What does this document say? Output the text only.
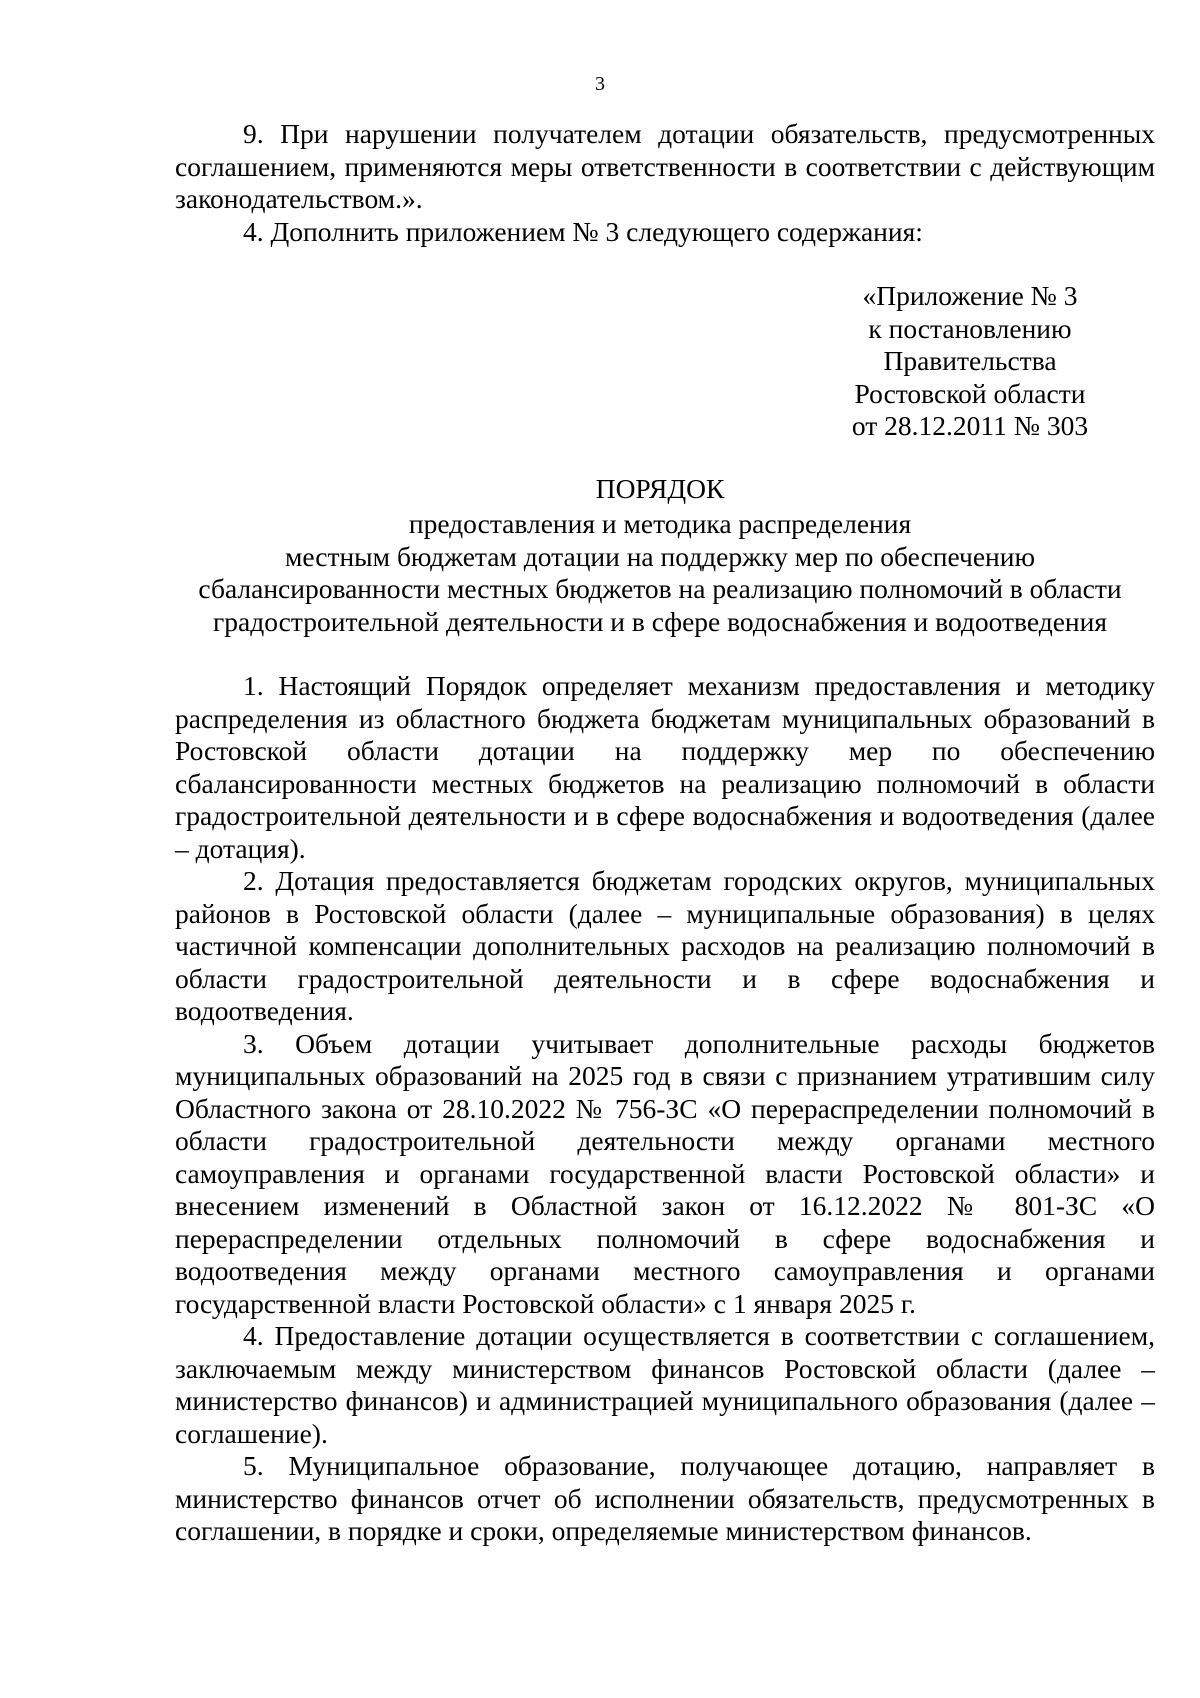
3

9. При нарушении получателем дотации обязательств, предусмотренных соглашением, применяются меры ответственности в соответствии с действующим законодательством.».

4. Дополнить приложением № 3 следующего содержания:

«Приложение № 3
к постановлению
Правительства
Ростовской области
от 28.12.2011 № 303
ПОРЯДОК
предоставления и методика распределения
местным бюджетам дотации на поддержку мер по обеспечению
сбалансированности местных бюджетов на реализацию полномочий в области
градостроительной деятельности и в сфере водоснабжения и водоотведения

1. Настоящий Порядок определяет механизм предоставления и методику распределения из областного бюджета бюджетам муниципальных образований в Ростовской области дотации на поддержку мер по обеспечению сбалансированности местных бюджетов на реализацию полномочий в области градостроительной деятельности и в сфере водоснабжения и водоотведения (далее – дотация).

2. Дотация предоставляется бюджетам городских округов, муниципальных районов в Ростовской области (далее – муниципальные образования) в целях частичной компенсации дополнительных расходов на реализацию полномочий в области градостроительной деятельности и в сфере водоснабжения и водоотведения.

3. Объем дотации учитывает дополнительные расходы бюджетов муниципальных образований на 2025 год в связи с признанием утратившим силу Областного закона от 28.10.2022 № 756-ЗС «О перераспределении полномочий в области градостроительной деятельности между органами местного самоуправления и органами государственной власти Ростовской области» и внесением изменений в Областной закон от 16.12.2022 № 801-ЗС «О перераспределении отдельных полномочий в сфере водоснабжения и водоотведения между органами местного самоуправления и органами государственной власти Ростовской области» с 1 января 2025 г.

4. Предоставление дотации осуществляется в соответствии с соглашением, заключаемым между министерством финансов Ростовской области (далее – министерство финансов) и администрацией муниципального образования (далее – соглашение).

5. Муниципальное образование, получающее дотацию, направляет в министерство финансов отчет об исполнении обязательств, предусмотренных в соглашении, в порядке и сроки, определяемые министерством финансов.
